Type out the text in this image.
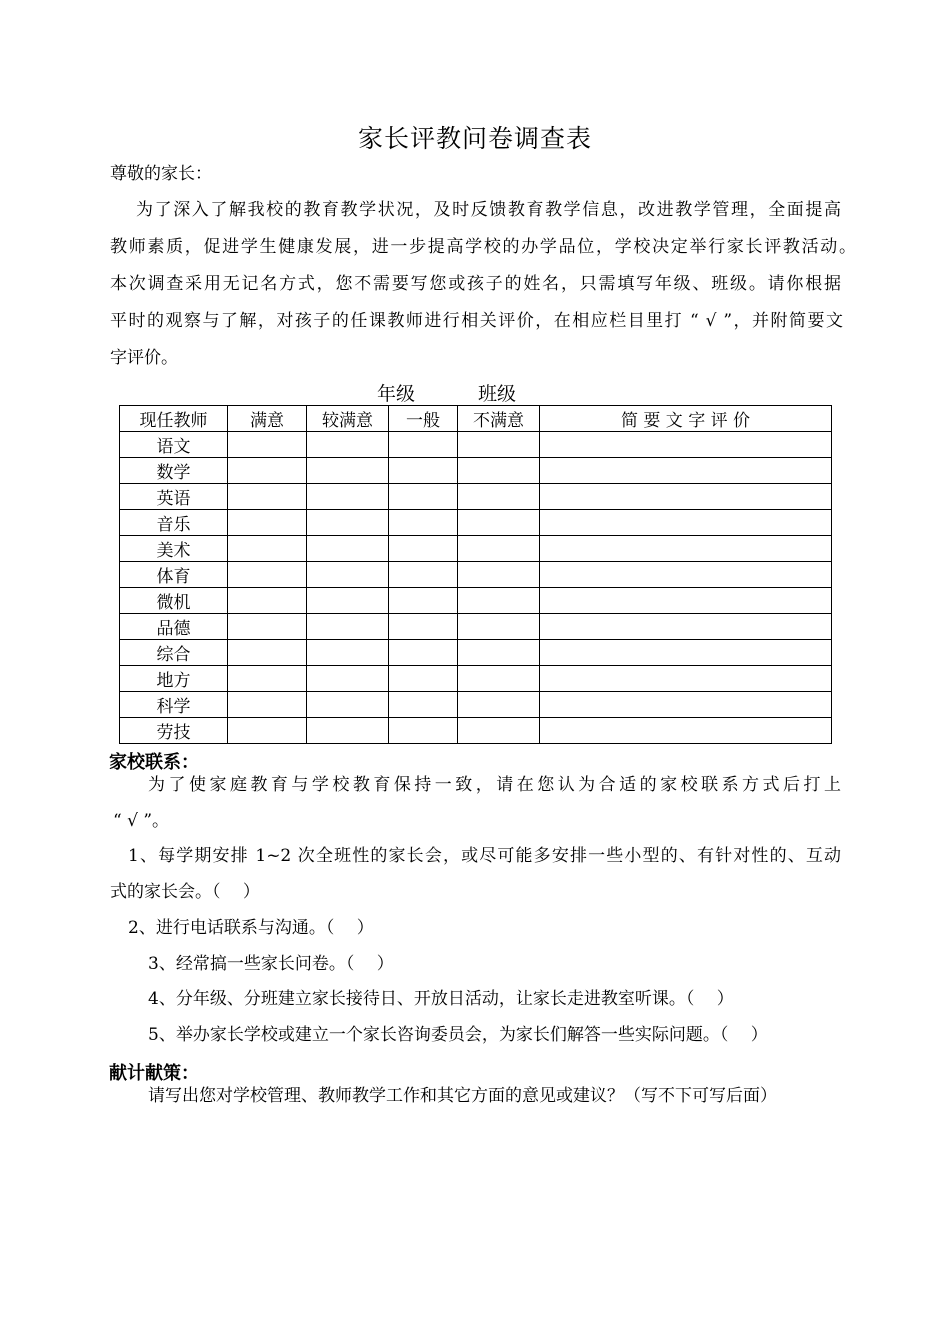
家长评教问卷调查表
尊敬的家长：
为了深入了解我校的教育教学状况，及时反馈教育教学信息，改进教学管理，全面提高
教师素质，促进学生健康发展，进一步提高学校的办学品位，学校决定举行家长评教活动。
本次调查采用无记名方式，您不需要写您或孩子的姓名，只需填写年级、班级。请你根据
平时的观察与了解，对孩子的任课教师进行相关评价，在相应栏目里打 “ √ ”，并附简要文
字评价。
年级	班级
现任教师	满意	较满意	一般	不满意	简 要 文 字 评 价
语文					
数学					
英语					
音乐					
美术					
体育					
微机					
品德					
综合					
地方					
科学					
劳技					
家校联系：
为了使家庭教育与学校教育保持一致，请在您认为合适的家校联系方式后打上
“ √ ”。
1、每学期安排 1~2 次全班性的家长会，或尽可能多安排一些小型的、有针对性的、互动
式的家长会。（　 ）
2、进行电话联系与沟通。（　 ）
3、经常搞一些家长问卷。（　 ）
4、分年级、分班建立家长接待日、开放日活动，让家长走进教室听课。（　 ）
5、举办家长学校或建立一个家长咨询委员会，为家长们解答一些实际问题。（　 ）
献计献策：
请写出您对学校管理、教师教学工作和其它方面的意见或建议？（写不下可写后面）
